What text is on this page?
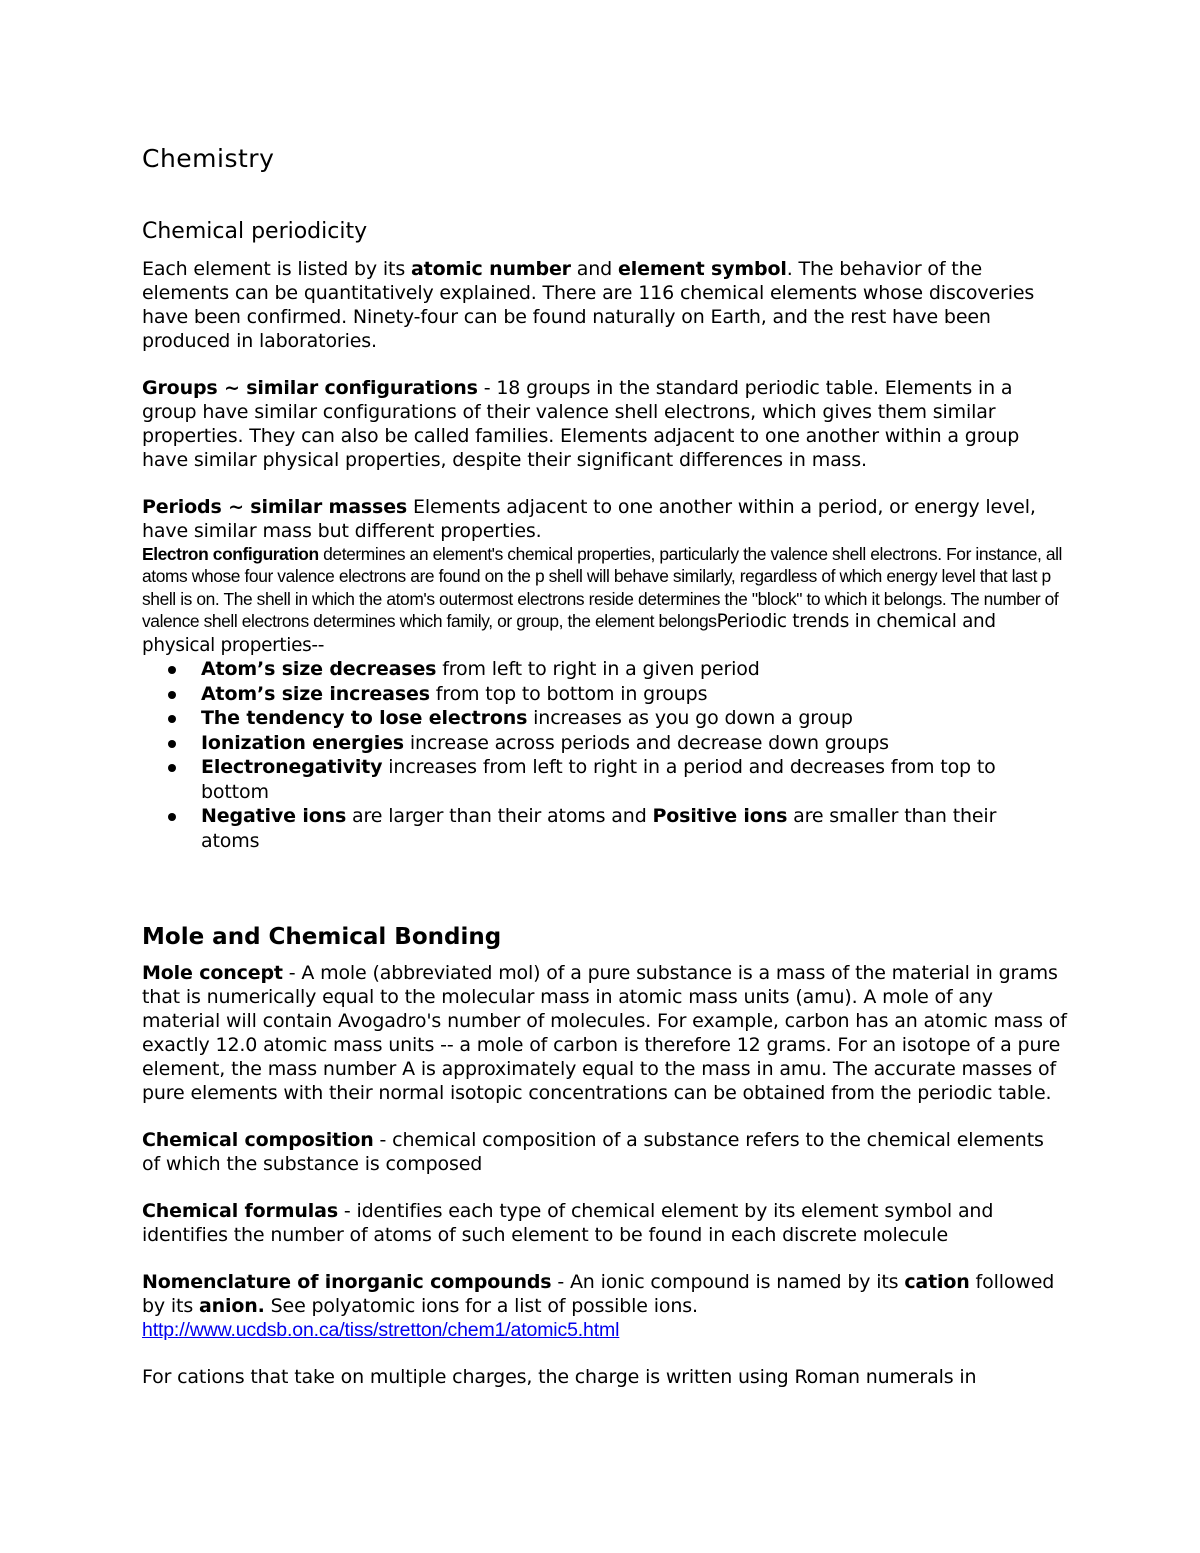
Chemistry
Chemical periodicity

Each element is listed by its atomic number and element symbol. The behavior of the elements can be quantitatively explained. There are 116 chemical elements whose discoveries have been confirmed. Ninety-four can be found naturally on Earth, and the rest have been produced in laboratories.

Groups ~ similar configurations - 18 groups in the standard periodic table. Elements in a group have similar configurations of their valence shell electrons, which gives them similar properties. They can also be called families. Elements adjacent to one another within a group have similar physical properties, despite their significant differences in mass.

Periods ~ similar masses Elements adjacent to one another within a period, or energy level, have similar mass but different properties.

Electron configuration determines an element's chemical properties, particularly the valence shell electrons. For instance, all atoms whose four valence electrons are found on the p shell will behave similarly, regardless of which energy level that last p shell is on. The shell in which the atom's outermost electrons reside determines the "block" to which it belongs. The number of valence shell electrons determines which family, or group, the element belongsPeriodic trends in chemical and physical properties--

Atom’s size decreases from left to right in a given period
Atom’s size increases from top to bottom in groups
The tendency to lose electrons increases as you go down a group
Ionization energies increase across periods and decrease down groups
Electronegativity increases from left to right in a period and decreases from top to bottom
Negative ions are larger than their atoms and Positive ions are smaller than their atoms
Mole and Chemical Bonding

Mole concept - A mole (abbreviated mol) of a pure substance is a mass of the material in grams that is numerically equal to the molecular mass in atomic mass units (amu). A mole of any material will contain Avogadro's number of molecules. For example, carbon has an atomic mass of exactly 12.0 atomic mass units -- a mole of carbon is therefore 12 grams. For an isotope of a pure element, the mass number A is approximately equal to the mass in amu. The accurate masses of pure elements with their normal isotopic concentrations can be obtained from the periodic table.

Chemical composition - chemical composition of a substance refers to the chemical elements of which the substance is composed

Chemical formulas - identifies each type of chemical element by its element symbol and identifies the number of atoms of such element to be found in each discrete molecule

Nomenclature of inorganic compounds - An ionic compound is named by its cation followed by its anion. See polyatomic ions for a list of possible ions.
http://www.ucdsb.on.ca/tiss/stretton/chem1/atomic5.html

For cations that take on multiple charges, the charge is written using Roman numerals in
